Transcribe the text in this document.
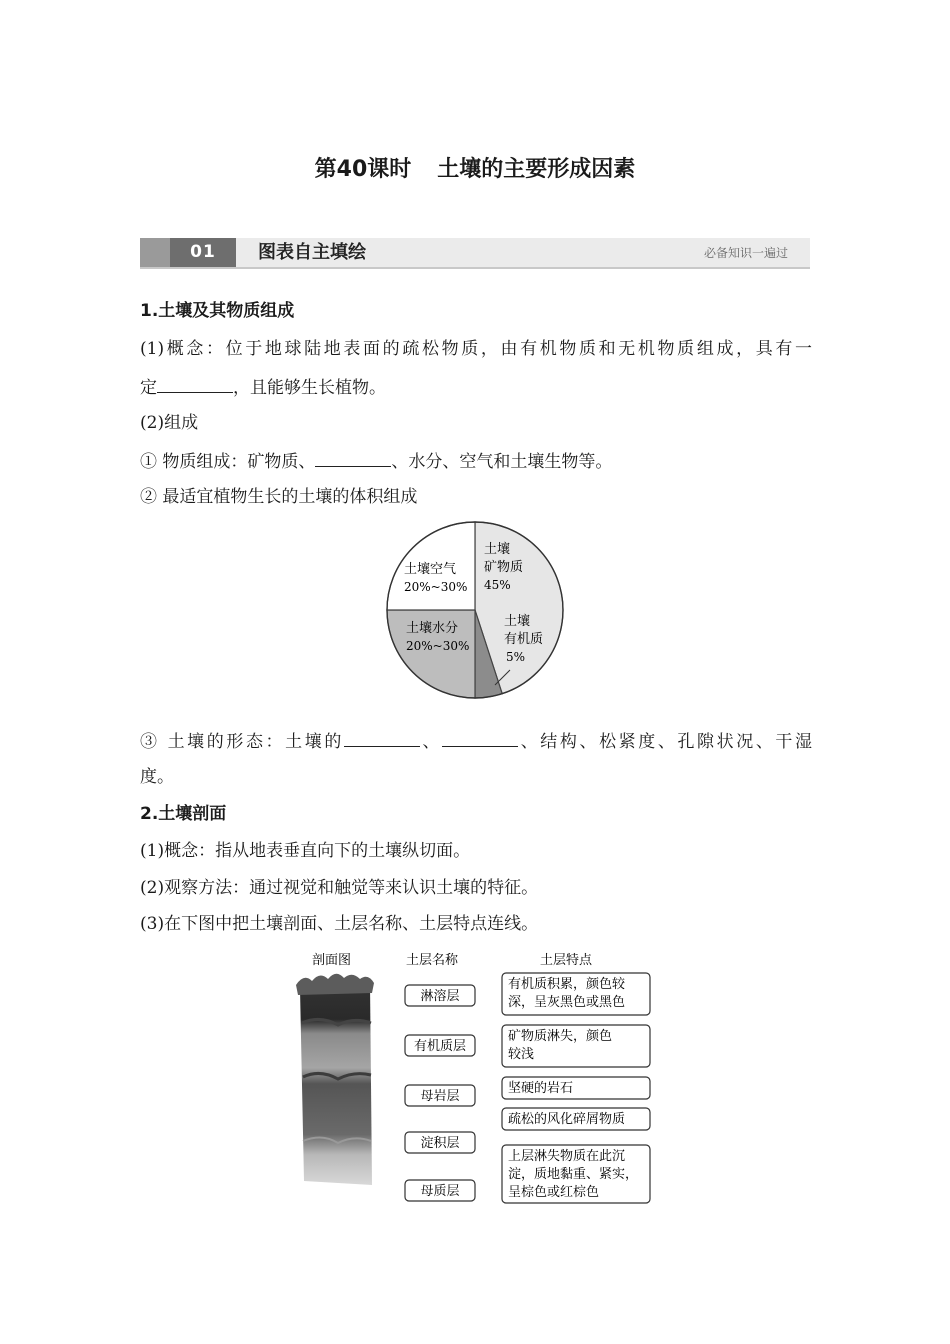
第40课时 土壤的主要形成因素
01	图表自主填绘	必备知识一遍过
1.土壤及其物质组成
(1)概念：位于地球陆地表面的疏松物质，由有机物质和无机物质组成，具有一
定	，且能够生长植物。
(2)组成
① 物质组成：矿物质、	、水分、空气和土壤生物等。
② 最适宜植物生长的土壤的体积组成
土壤
矿物质
45%
土壤
有机质
5%
土壤水分
20%~30%
土壤空气
20%~30%
③ 土壤的形态：土壤的	、	、结构、松紧度、孔隙状况、干湿
度。
2.土壤剖面
(1)概念：指从地表垂直向下的土壤纵切面。
(2)观察方法：通过视觉和触觉等来认识土壤的特征。
(3)在下图中把土壤剖面、土层名称、土层特点连线。
剖面图	土层名称	土层特点
淋溶层
有机质层
母岩层
淀积层
母质层
有机质积累，颜色较
深，呈灰黑色或黑色
矿物质淋失，颜色
较浅
坚硬的岩石
疏松的风化碎屑物质
上层淋失物质在此沉
淀，质地黏重、紧实，
呈棕色或红棕色
